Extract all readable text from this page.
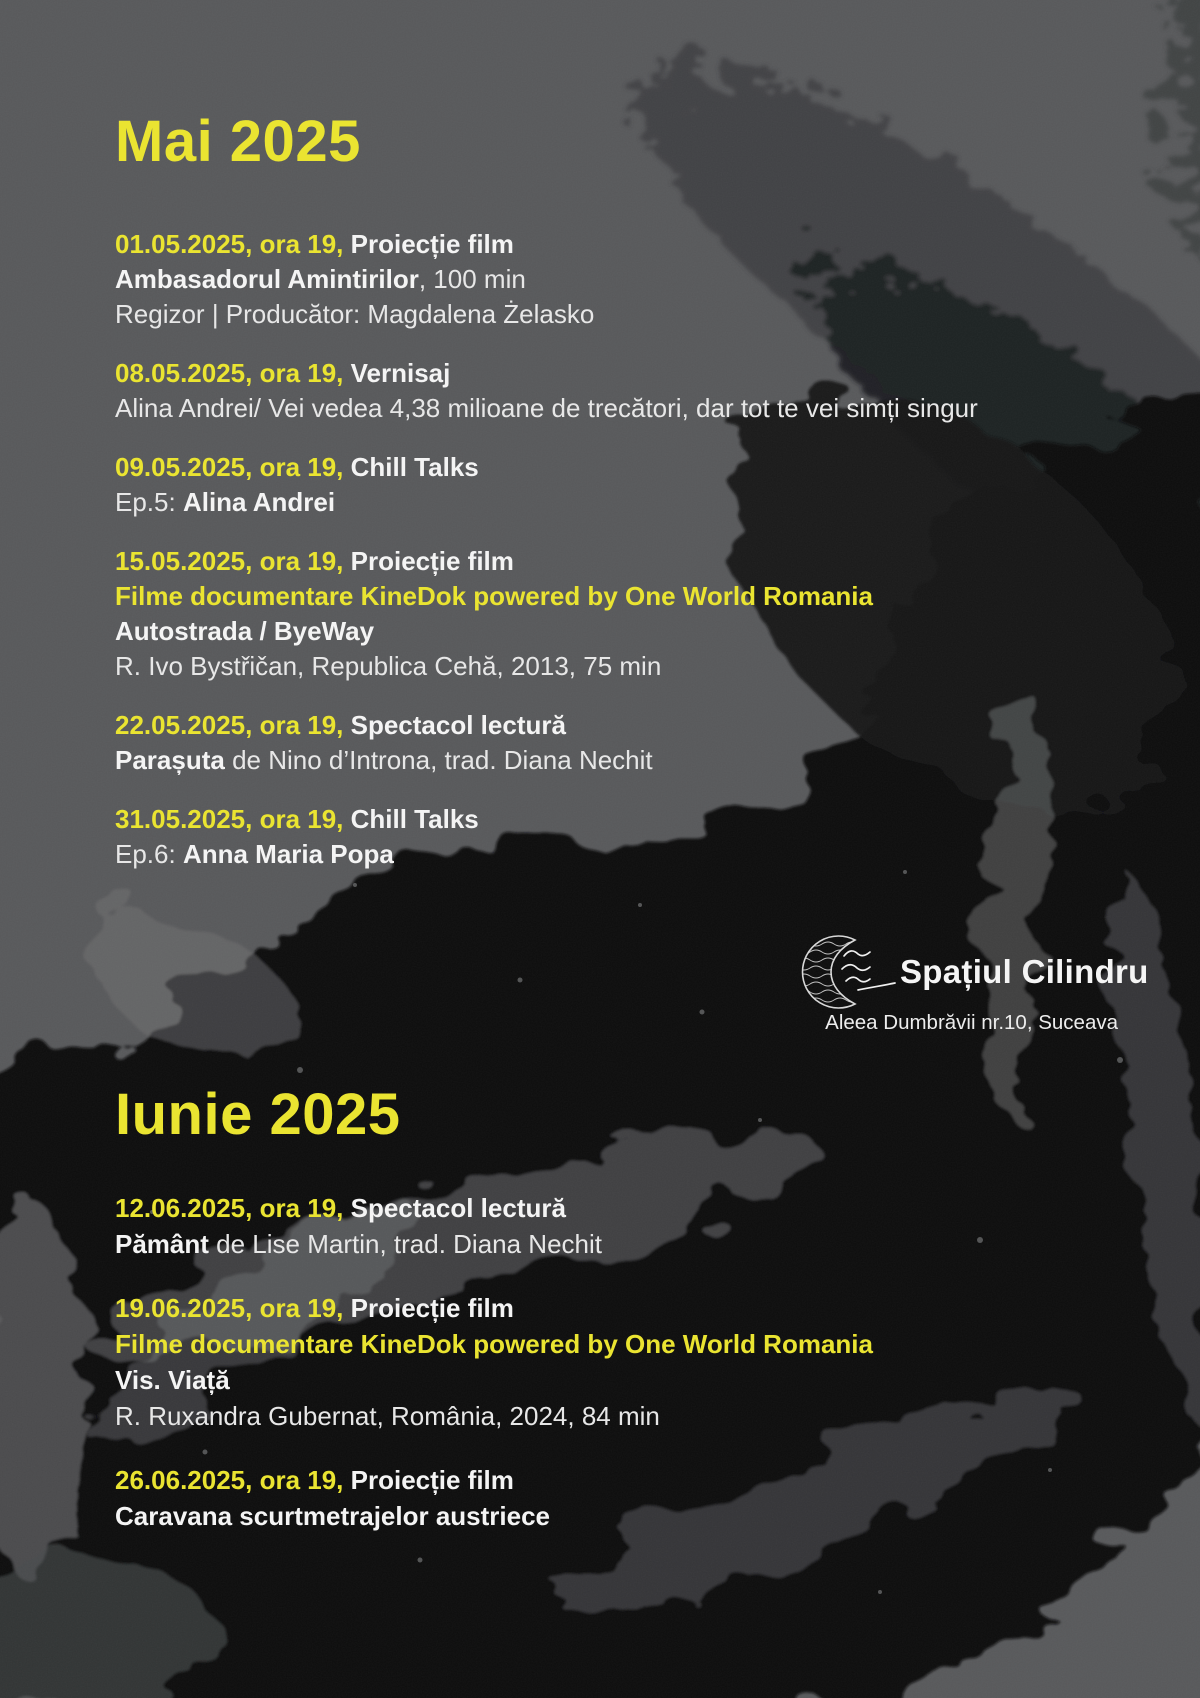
Mai 2025
01.05.2025, ora 19, Proiecție film
Ambasadorul Amintirilor, 100 min
Regizor | Producător: Magdalena Żelasko
08.05.2025, ora 19, Vernisaj
Alina Andrei/ Vei vedea 4,38 milioane de trecători, dar tot te vei simți singur
09.05.2025, ora 19, Chill Talks
Ep.5: Alina Andrei
15.05.2025, ora 19, Proiecție film
Filme documentare KineDok powered by One World Romania
Autostrada / ByeWay
R. Ivo Bystřičan, Republica Cehă, 2013, 75 min
22.05.2025, ora 19, Spectacol lectură
Parașuta de Nino d’Introna, trad. Diana Nechit
31.05.2025, ora 19, Chill Talks
Ep.6: Anna Maria Popa
Iunie 2025
12.06.2025, ora 19, Spectacol lectură
Pământ de Lise Martin, trad. Diana Nechit
19.06.2025, ora 19, Proiecție film
Filme documentare KineDok powered by One World Romania
Vis. Viață
R. Ruxandra Gubernat, România, 2024, 84 min
26.06.2025, ora 19, Proiecție film
Caravana scurtmetrajelor austriece
Spațiul Cilindru
Aleea Dumbrăvii nr.10, Suceava
